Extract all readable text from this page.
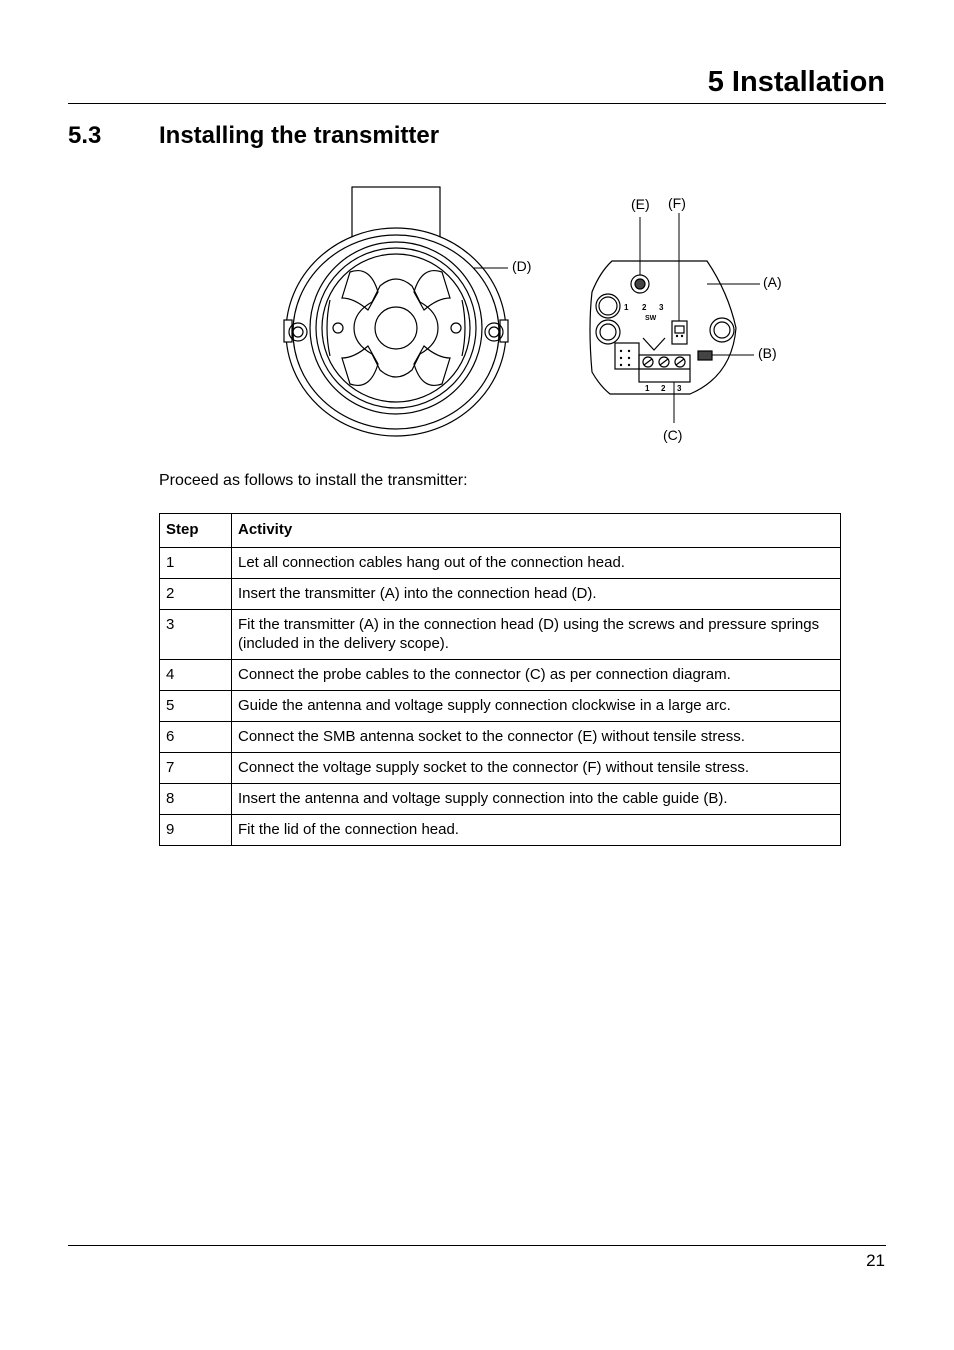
5 Installation
5.3 Installing the transmitter
(D)
1 2 3
SW
1 2 3
(E) (F)
(A)
(B)
(C)

Proceed as follows to install the transmitter:

Step	Activity
1	Let all connection cables hang out of the connection head.
2	Insert the transmitter (A) into the connection head (D).
3	Fit the transmitter (A) in the connection head (D) using the screws and pressure springs (included in the delivery scope).
4	Connect the probe cables to the connector (C) as per connection diagram.
5	Guide the antenna and voltage supply connection clockwise in a large arc.
6	Connect the SMB antenna socket to the connector (E) without tensile stress.
7	Connect the voltage supply socket to the connector (F) without tensile stress.
8	Insert the antenna and voltage supply connection into the cable guide (B).
9	Fit the lid of the connection head.
21
